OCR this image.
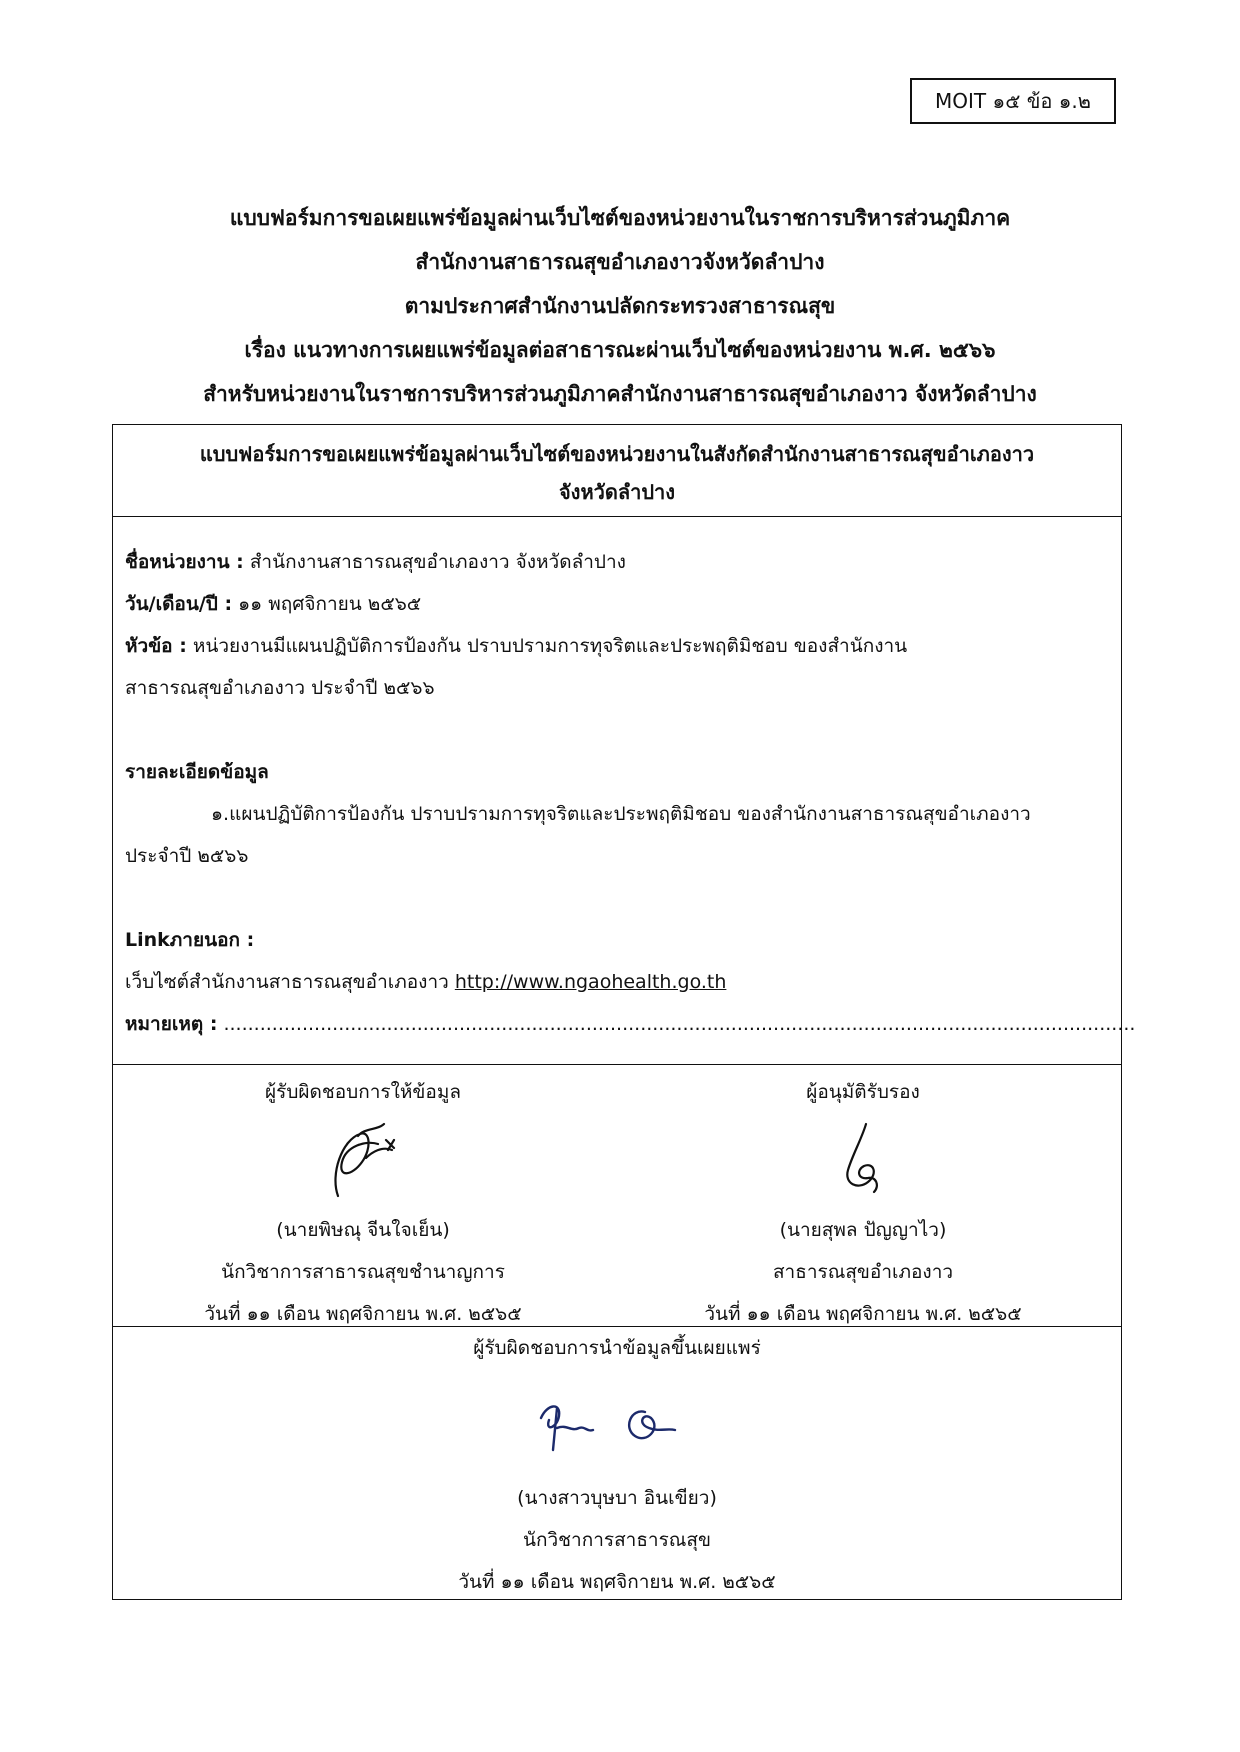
MOIT ๑๕ ข้อ ๑.๒
แบบฟอร์มการขอเผยแพร่ข้อมูลผ่านเว็บไซต์ของหน่วยงานในราชการบริหารส่วนภูมิภาค
สำนักงานสาธารณสุขอำเภองาวจังหวัดลำปาง
ตามประกาศสำนักงานปลัดกระทรวงสาธารณสุข
เรื่อง แนวทางการเผยแพร่ข้อมูลต่อสาธารณะผ่านเว็บไซต์ของหน่วยงาน พ.ศ. ๒๕๖๖
สำหรับหน่วยงานในราชการบริหารส่วนภูมิภาคสำนักงานสาธารณสุขอำเภองาว จังหวัดลำปาง
แบบฟอร์มการขอเผยแพร่ข้อมูลผ่านเว็บไซต์ของหน่วยงานในสังกัดสำนักงานสาธารณสุขอำเภองาว
จังหวัดลำปาง
ชื่อหน่วยงาน : สำนักงานสาธารณสุขอำเภองาว จังหวัดลำปาง
วัน/เดือน/ปี : ๑๑ พฤศจิกายน ๒๕๖๕
หัวข้อ : หน่วยงานมีแผนปฏิบัติการป้องกัน ปราบปรามการทุจริตและประพฤติมิชอบ ของสำนักงาน
สาธารณสุขอำเภองาว ประจำปี ๒๕๖๖
รายละเอียดข้อมูล
๑.แผนปฏิบัติการป้องกัน ปราบปรามการทุจริตและประพฤติมิชอบ ของสำนักงานสาธารณสุขอำเภองาว
ประจำปี ๒๕๖๖
Linkภายนอก :
เว็บไซต์สำนักงานสาธารณสุขอำเภองาว http://www.ngaohealth.go.th
หมายเหตุ : .......................................................................................................................................................
ผู้รับผิดชอบการให้ข้อมูล
(นายพิษณุ จีนใจเย็น)
นักวิชาการสาธารณสุขชำนาญการ
วันที่ ๑๑ เดือน พฤศจิกายน พ.ศ. ๒๕๖๕
ผู้อนุมัติรับรอง
(นายสุพล ปัญญาไว)
สาธารณสุขอำเภองาว
วันที่ ๑๑ เดือน พฤศจิกายน พ.ศ. ๒๕๖๕
ผู้รับผิดชอบการนำข้อมูลขึ้นเผยแพร่
(นางสาวบุษบา อินเขียว)
นักวิชาการสาธารณสุข
วันที่ ๑๑ เดือน พฤศจิกายน พ.ศ. ๒๕๖๕
